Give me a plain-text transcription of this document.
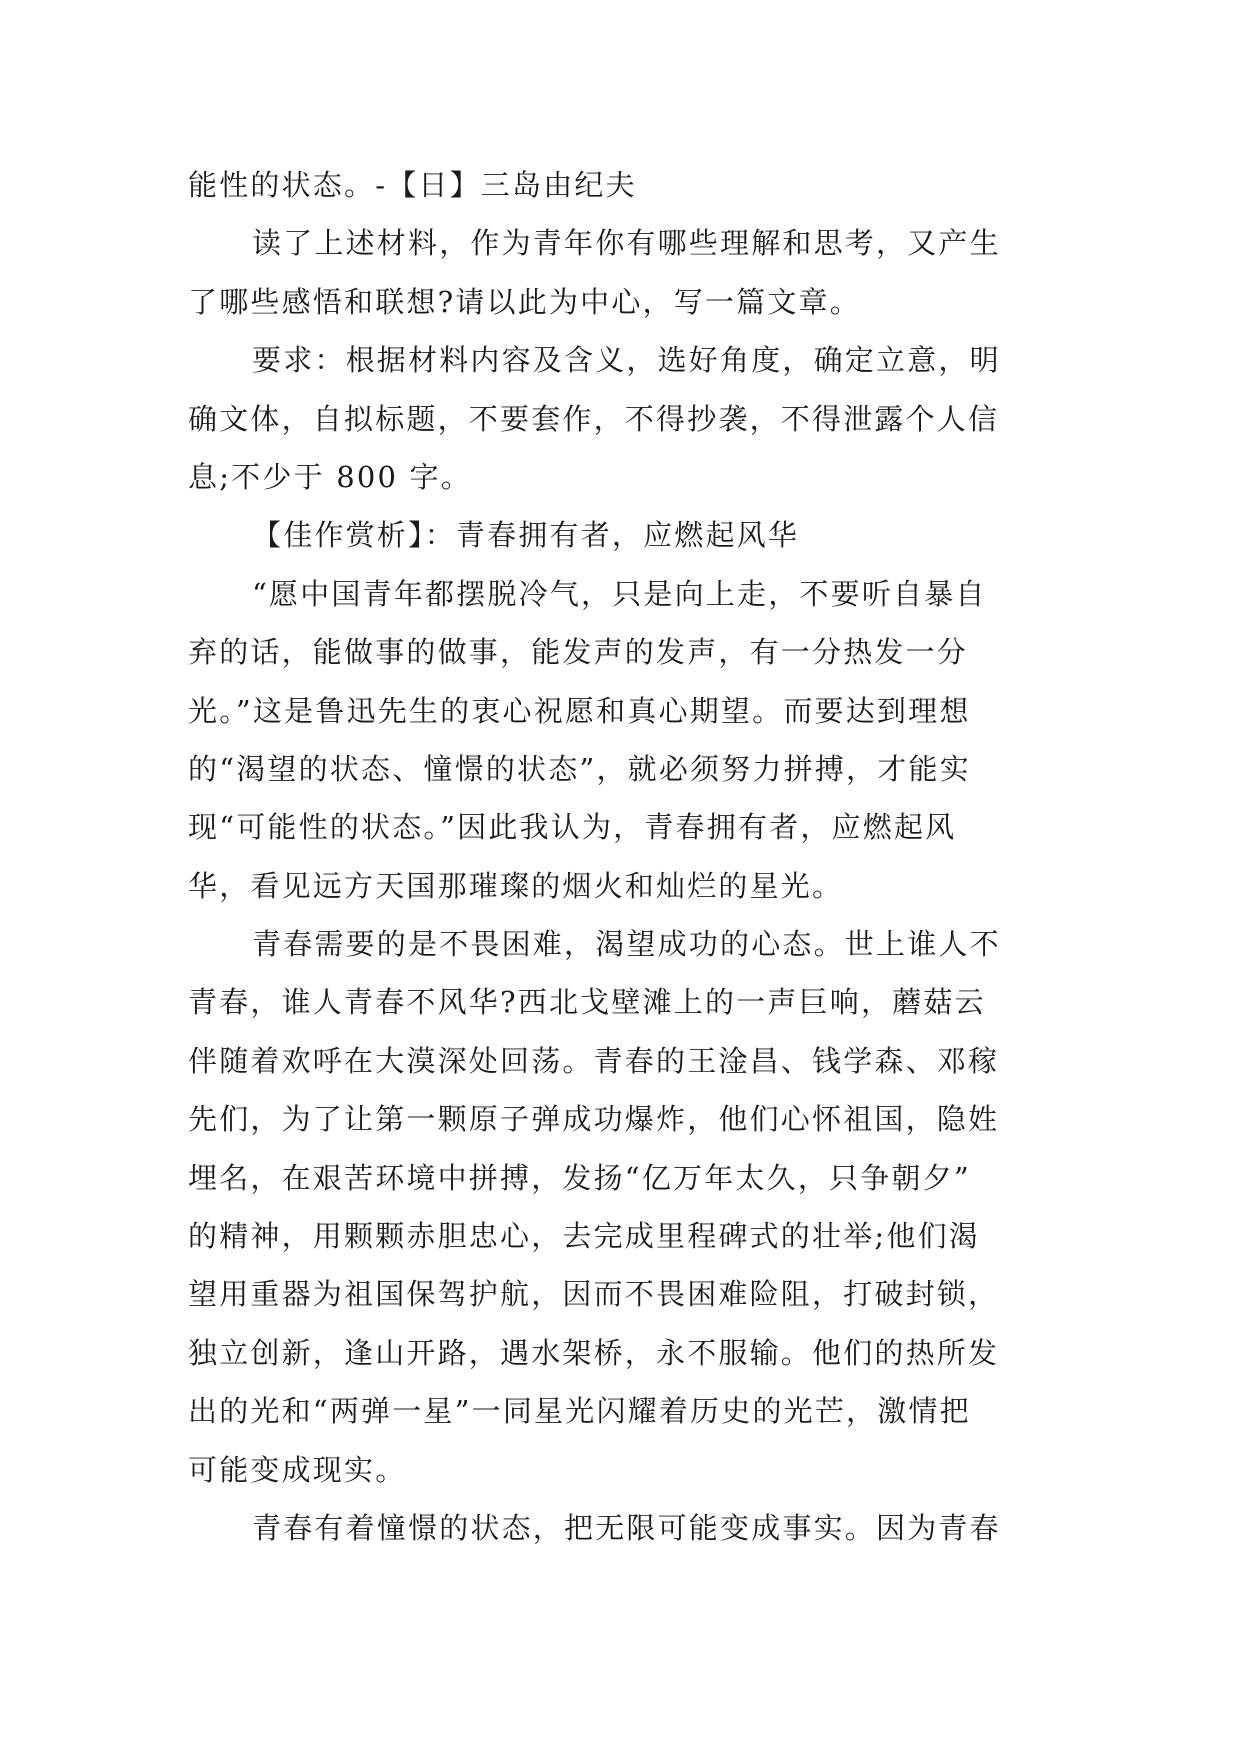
能性的状态。-【日】三岛由纪夫
读了上述材料，作为青年你有哪些理解和思考，又产生
了哪些感悟和联想?请以此为中心，写一篇文章。
要求：根据材料内容及含义，选好角度，确定立意，明
确文体，自拟标题，不要套作，不得抄袭，不得泄露个人信
息;不少于 800 字。
【佳作赏析】：青春拥有者，应燃起风华
“愿中国青年都摆脱冷气，只是向上走，不要听自暴自
弃的话，能做事的做事，能发声的发声，有一分热发一分
光。”这是鲁迅先生的衷心祝愿和真心期望。而要达到理想
的“渴望的状态、憧憬的状态”，就必须努力拼搏，才能实
现“可能性的状态。”因此我认为，青春拥有者，应燃起风
华，看见远方天国那璀璨的烟火和灿烂的星光。
青春需要的是不畏困难，渴望成功的心态。世上谁人不
青春，谁人青春不风华?西北戈壁滩上的一声巨响，蘑菇云
伴随着欢呼在大漠深处回荡。青春的王淦昌、钱学森、邓稼
先们，为了让第一颗原子弹成功爆炸，他们心怀祖国，隐姓
埋名，在艰苦环境中拼搏，发扬“亿万年太久，只争朝夕”
的精神，用颗颗赤胆忠心，去完成里程碑式的壮举;他们渴
望用重器为祖国保驾护航，因而不畏困难险阻，打破封锁，
独立创新，逢山开路，遇水架桥，永不服输。他们的热所发
出的光和“两弹一星”一同星光闪耀着历史的光芒，激情把
可能变成现实。
青春有着憧憬的状态，把无限可能变成事实。因为青春
